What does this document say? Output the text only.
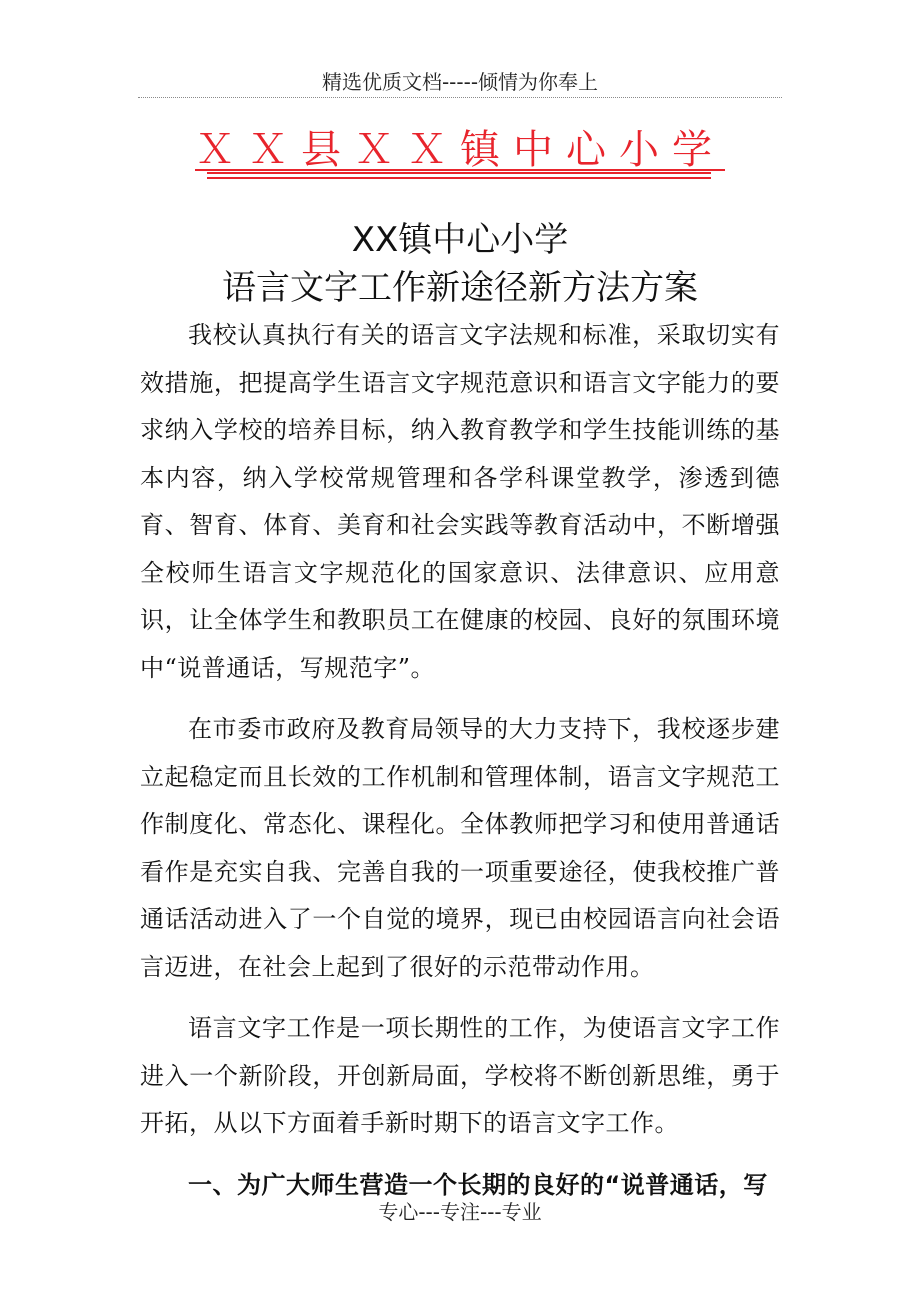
精选优质文档-----倾情为你奉上
ＸＸ县ＸＸ镇中心小学
XX镇中心小学
语言文字工作新途径新方法方案

我校认真执行有关的语言文字法规和标准，采取切实有效措施，把提高学生语言文字规范意识和语言文字能力的要求纳入学校的培养目标，纳入教育教学和学生技能训练的基本内容，纳入学校常规管理和各学科课堂教学，渗透到德育、智育、体育、美育和社会实践等教育活动中，不断增强全校师生语言文字规范化的国家意识、法律意识、应用意识，让全体学生和教职员工在健康的校园、良好的氛围环境中“说普通话，写规范字”。

在市委市政府及教育局领导的大力支持下，我校逐步建立起稳定而且长效的工作机制和管理体制，语言文字规范工作制度化、常态化、课程化。全体教师把学习和使用普通话看作是充实自我、完善自我的一项重要途径，使我校推广普通话活动进入了一个自觉的境界，现已由校园语言向社会语言迈进，在社会上起到了很好的示范带动作用。

语言文字工作是一项长期性的工作，为使语言文字工作进入一个新阶段，开创新局面，学校将不断创新思维，勇于开拓，从以下方面着手新时期下的语言文字工作。

一、为广大师生营造一个长期的良好的“说普通话，写

专心---专注---专业
